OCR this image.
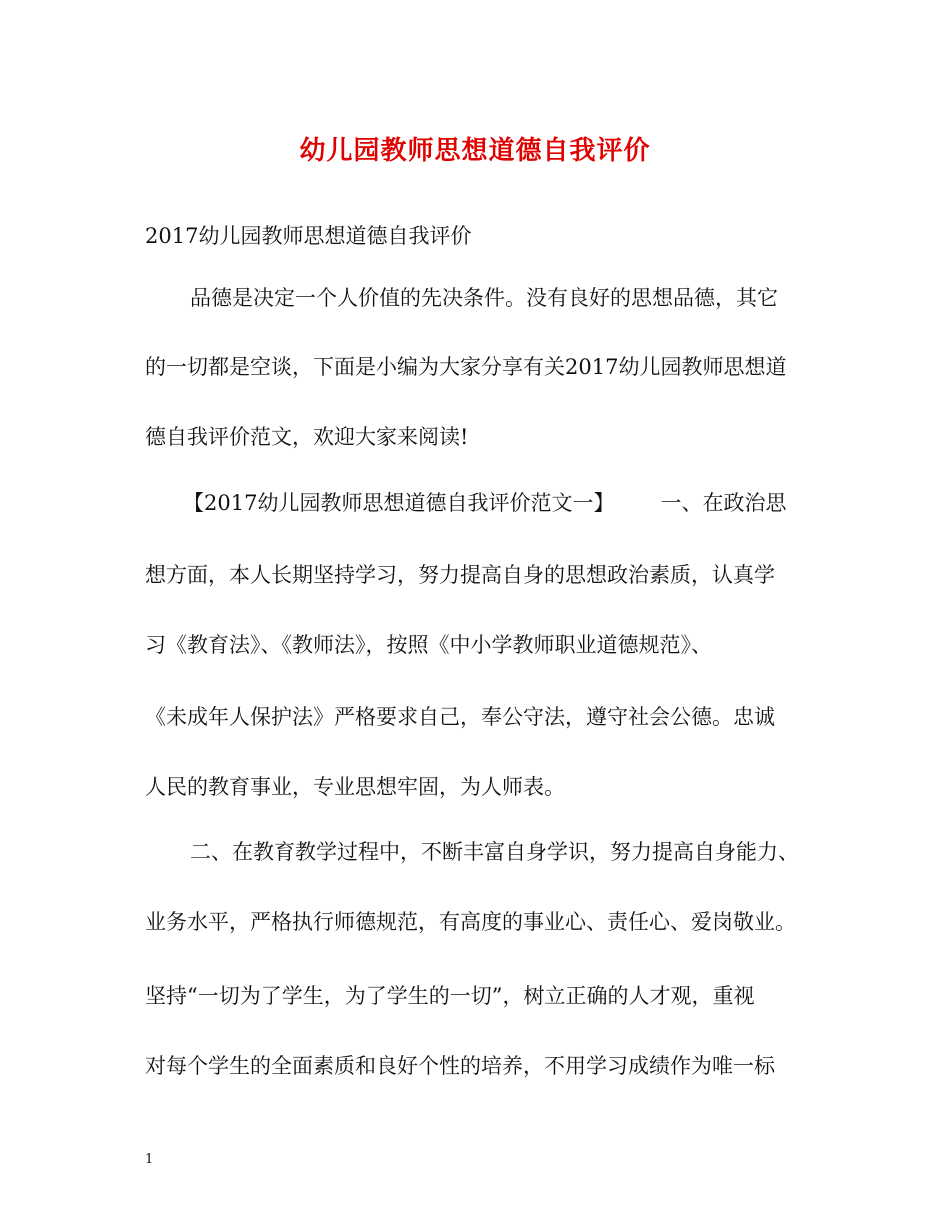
幼儿园教师思想道德自我评价
2017幼儿园教师思想道德自我评价
品德是决定一个人价值的先决条件。没有良好的思想品德，其它
的一切都是空谈，下面是小编为大家分享有关2017幼儿园教师思想道
德自我评价范文，欢迎大家来阅读!
【2017幼儿园教师思想道德自我评价范文一】 一、在政治思
想方面，本人长期坚持学习，努力提高自身的思想政治素质，认真学
习《教育法》、《教师法》，按照《中小学教师职业道德规范》、
《未成年人保护法》严格要求自己，奉公守法，遵守社会公德。忠诚
人民的教育事业，专业思想牢固，为人师表。
二、在教育教学过程中，不断丰富自身学识，努力提高自身能力、
业务水平，严格执行师德规范，有高度的事业心、责任心、爱岗敬业。
坚持“一切为了学生，为了学生的一切”，树立正确的人才观，重视
对每个学生的全面素质和良好个性的培养，不用学习成绩作为唯一标
1
